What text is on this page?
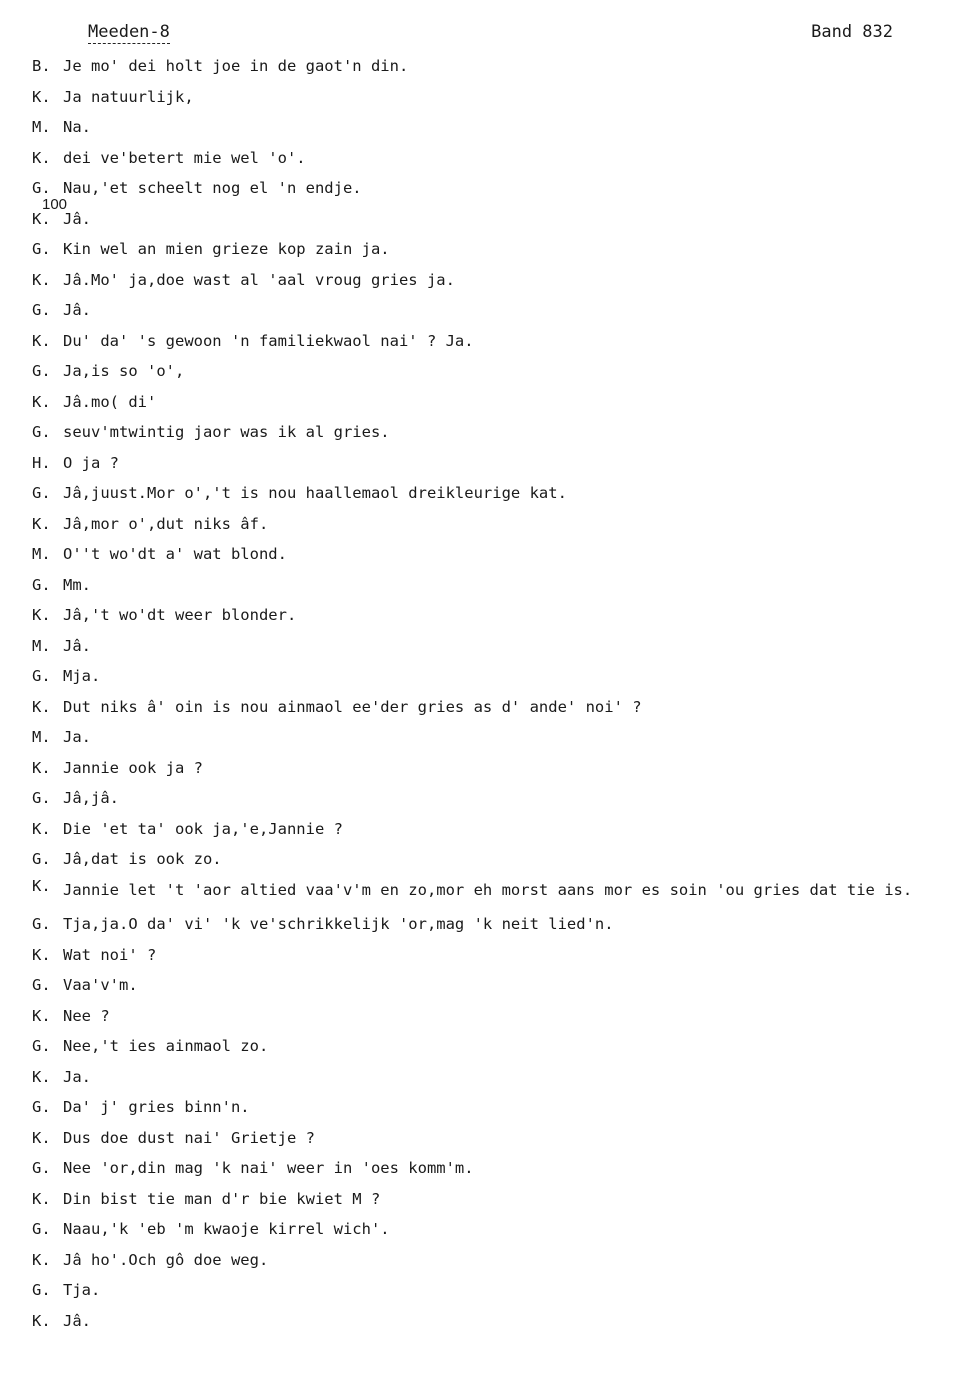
Meeden-8	Band 832
100
B. Je mo' dei holt joe in de gaot'n din.
K. Ja natuurlijk,
M. Na.
K. dei ve'betert mie wel 'o'.
G. Nau,'et scheelt nog el 'n endje.
K. Jâ.
G. Kin wel an mien grieze kop zain ja.
K. Jâ.Mo' ja,doe wast al 'aal vroug gries ja.
G. Jâ.
K. Du' da' 's gewoon 'n familiekwaol nai' ? Ja.
G. Ja,is so 'o',
K. Jâ.mo( di'
G. seuv'mtwintig jaor was ik al gries.
H. O ja ?
G. Jâ,juust.Mor o','t is nou haallemaol dreikleurige kat.
K. Jâ,mor o',dut niks âf.
M. O''t wo'dt a' wat blond.
G. Mm.
K. Jâ,'t wo'dt weer blonder.
M. Jâ.
G. Mja.
K. Dut niks â' oin is nou ainmaol ee'der gries as d' ande' noi' ?
M. Ja.
K. Jannie ook ja ?
G. Jâ,jâ.
K. Die 'et ta' ook ja,'e,Jannie ?
G. Jâ,dat is ook zo.
K. Jannie let 't 'aor altied vaa'v'm en zo,mor eh morst aans mor es soin 'ou gries dat tie is.
G. Tja,ja.O da' vi' 'k ve'schrikkelijk 'or,mag 'k neit lied'n.
K. Wat noi' ?
G. Vaa'v'm.
K. Nee ?
G. Nee,'t ies ainmaol zo.
K. Ja.
G. Da' j' gries binn'n.
K. Dus doe dust nai' Grietje ?
G. Nee 'or,din mag 'k nai' weer in 'oes komm'm.
K. Din bist tie man d'r bie kwiet M ?
G. Naau,'k 'eb 'm kwaoje kirrel wich'.
K. Jâ ho'.Och gô doe weg.
G. Tja.
K. Jâ.
